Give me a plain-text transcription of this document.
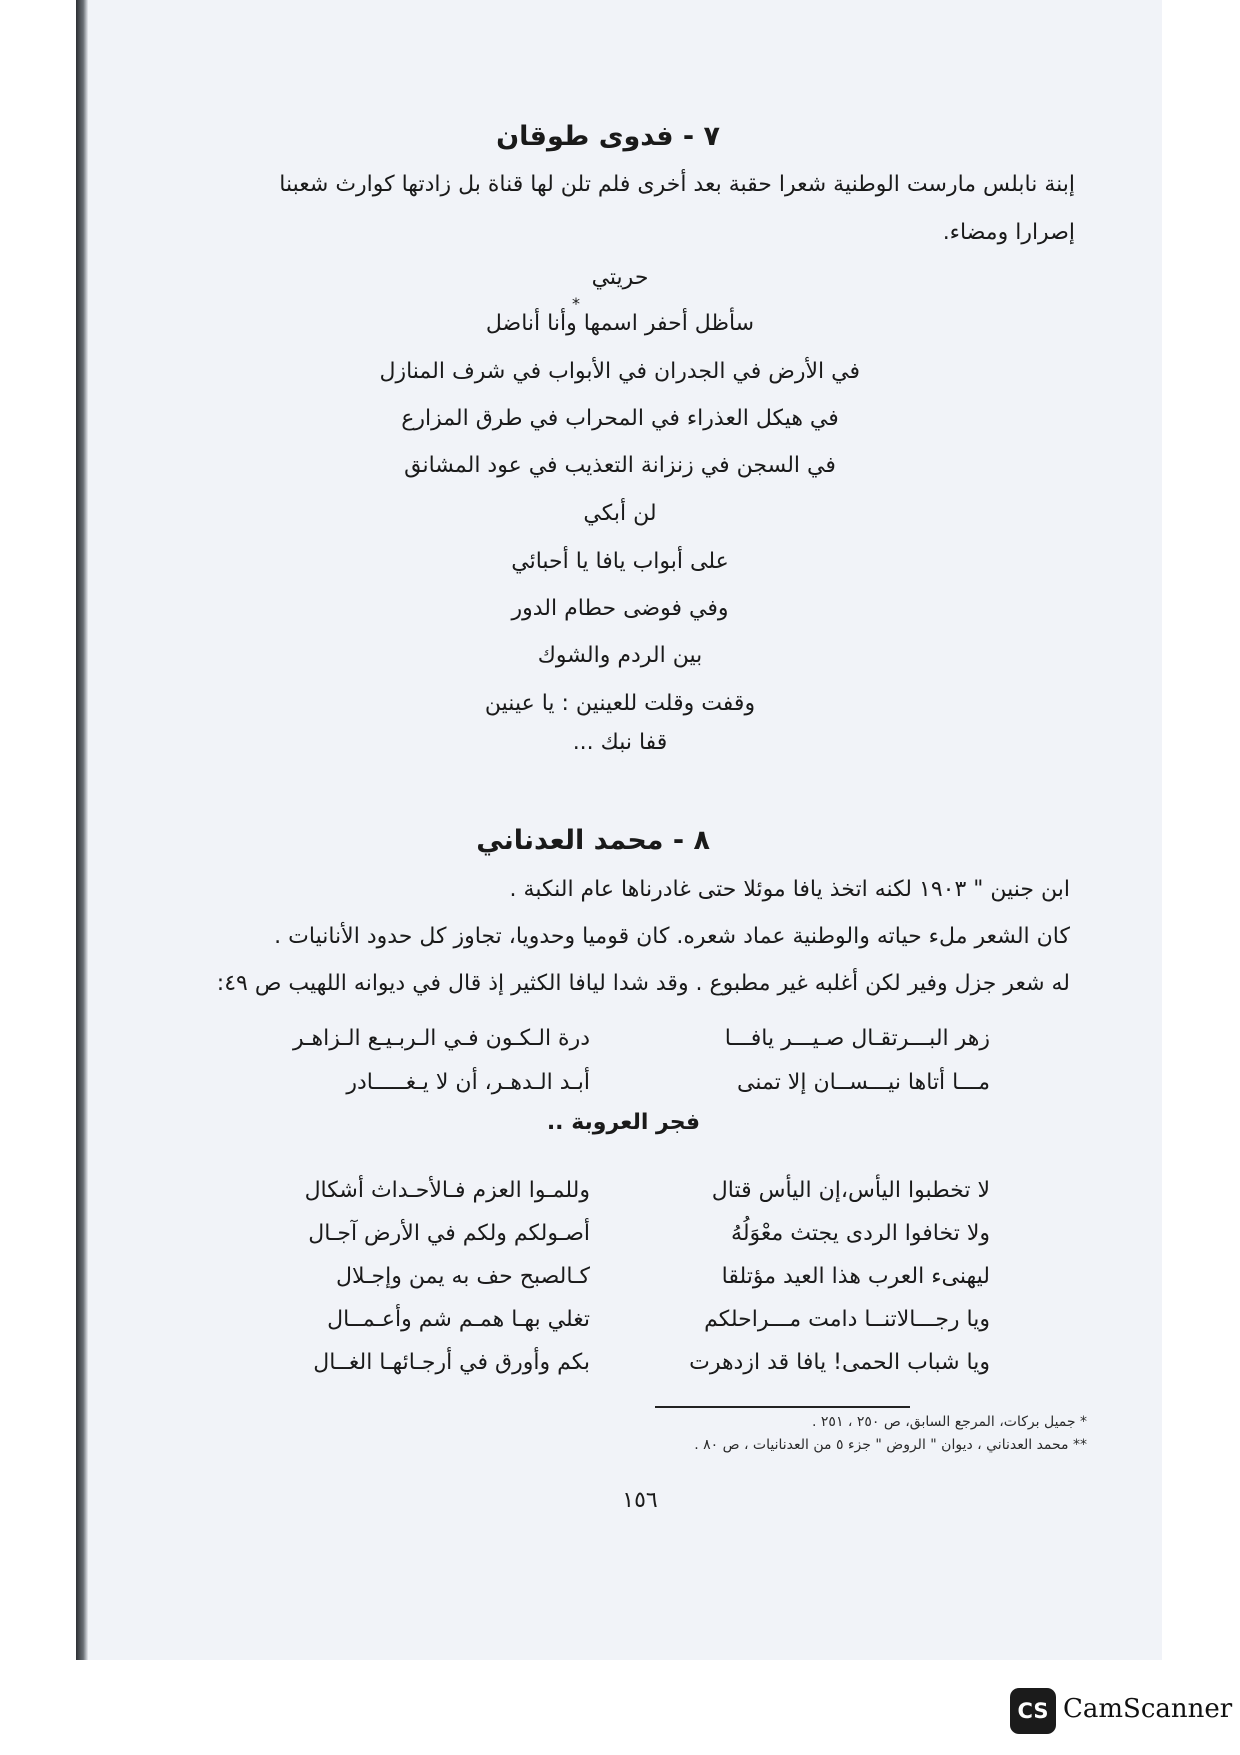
٧ - فدوى طوقان
إبنة نابلس مارست الوطنية شعرا حقبة بعد أخرى فلم تلن لها قناة بل زادتها كوارث شعبنا
إصرارا ومضاء.
حريتي
*
سأظل أحفر اسمها وأنا أناضل
في الأرض في الجدران في الأبواب في شرف المنازل
في هيكل العذراء في المحراب في طرق المزارع
في السجن في زنزانة التعذيب في عود المشانق
لن أبكي
على أبواب يافا يا أحبائي
وفي فوضى حطام الدور
بين الردم والشوك
وقفت وقلت للعينين : يا عينين
قفا نبك ...
٨ - محمد العدناني
ابن جنين " ١٩٠٣ لكنه اتخذ يافا موئلا حتى غادرناها عام النكبة .
كان الشعر ملء حياته والوطنية عماد شعره. كان قوميا وحدويا، تجاوز كل حدود الأنانيات .
له شعر جزل وفير لكن أغلبه غير مطبوع . وقد شدا ليافا الكثير إذ قال في ديوانه اللهيب ص ٤٩:
زهر البـــرتقـال صـيـــر يافـــا
درة الـكـون فـي الـربـيـع الـزاهـر
مـــا أتاها نيـــســان إلا تمنى
أبـد الـدهـر، أن لا يـغـــــادر
فجر العروبة ..
لا تخطبوا اليأس،إن اليأس قتال
وللمـوا العزم فـالأحـداث أشكال
ولا تخافوا الردى يجتث معْوَلُهُ
أصـولكم ولكم في الأرض آجـال
ليهنىء العرب هذا العيد مؤتلقا
كـالصبح حف به يمن وإجـلال
ويا رجـــالاتنــا دامت مـــراحلكم
تغلي بهـا همـم شم وأعـمــال
ويا شباب الحمى! يافا قد ازدهرت
بكم وأورق في أرجـائهـا الغــال
* جميل بركات، المرجع السابق، ص ٢٥٠ ، ٢٥١ .
** محمد العدناني ، ديوان " الروض " جزء ٥ من العدنانيات ، ص ٨٠ .
١٥٦
CS CamScanner
